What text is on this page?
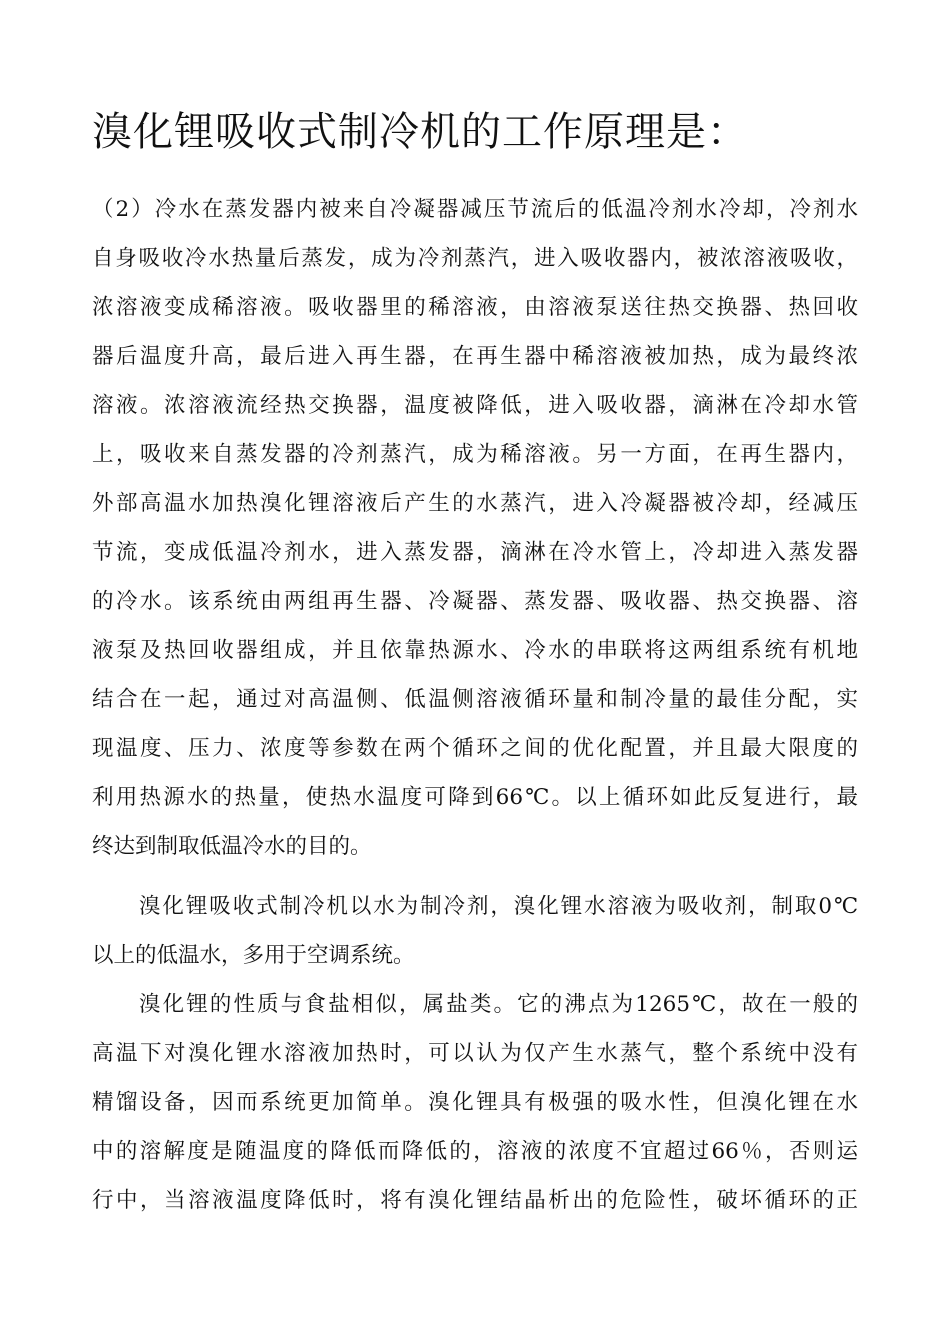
溴化锂吸收式制冷机的工作原理是：

（2）冷水在蒸发器内被来自冷凝器减压节流后的低温冷剂水冷却，冷剂水

自身吸收冷水热量后蒸发，成为冷剂蒸汽，进入吸收器内，被浓溶液吸收，

浓溶液变成稀溶液。吸收器里的稀溶液，由溶液泵送往热交换器、热回收

器后温度升高，最后进入再生器，在再生器中稀溶液被加热，成为最终浓

溶液。浓溶液流经热交换器，温度被降低，进入吸收器，滴淋在冷却水管

上，吸收来自蒸发器的冷剂蒸汽，成为稀溶液。另一方面，在再生器内，

外部高温水加热溴化锂溶液后产生的水蒸汽，进入冷凝器被冷却，经减压

节流，变成低温冷剂水，进入蒸发器，滴淋在冷水管上，冷却进入蒸发器

的冷水。该系统由两组再生器、冷凝器、蒸发器、吸收器、热交换器、溶

液泵及热回收器组成，并且依靠热源水、冷水的串联将这两组系统有机地

结合在一起，通过对高温侧、低温侧溶液循环量和制冷量的最佳分配，实

现温度、压力、浓度等参数在两个循环之间的优化配置，并且最大限度的

利用热源水的热量，使热水温度可降到66℃。以上循环如此反复进行，最

终达到制取低温冷水的目的。

溴化锂吸收式制冷机以水为制冷剂，溴化锂水溶液为吸收剂，制取0℃

以上的低温水，多用于空调系统。

溴化锂的性质与食盐相似，属盐类。它的沸点为1265℃，故在一般的

高温下对溴化锂水溶液加热时，可以认为仅产生水蒸气，整个系统中没有

精馏设备，因而系统更加简单。溴化锂具有极强的吸水性，但溴化锂在水

中的溶解度是随温度的降低而降低的，溶液的浓度不宜超过66％，否则运

行中，当溶液温度降低时，将有溴化锂结晶析出的危险性，破坏循环的正
